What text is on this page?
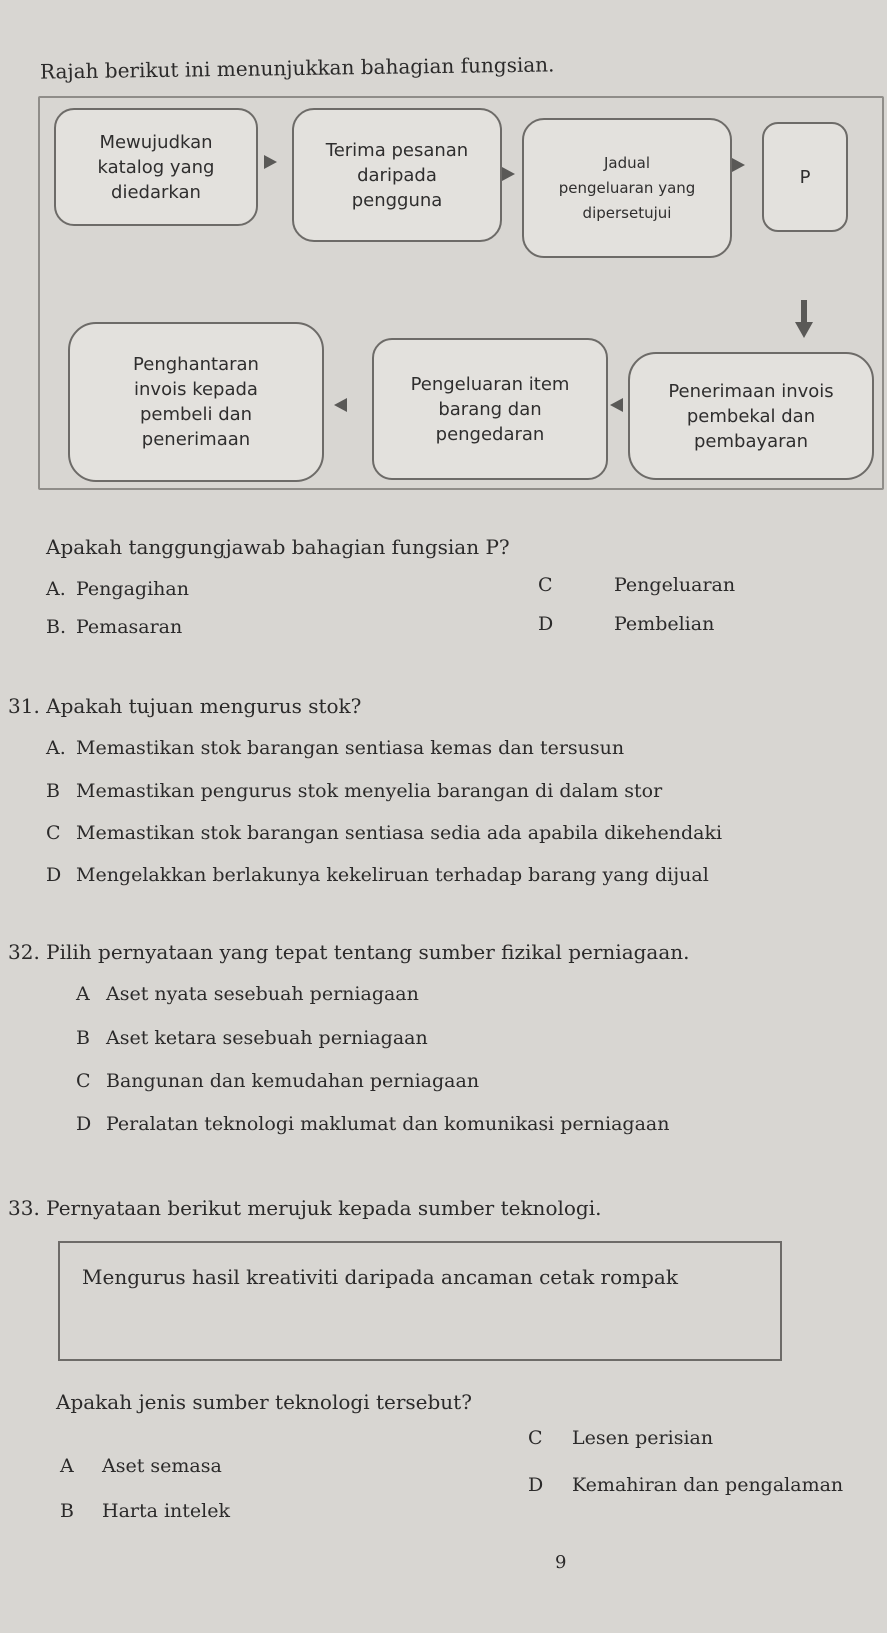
Rajah berikut ini menunjukkan bahagian fungsian.
Mewujudkan
katalog yang
diedarkan
Terima pesanan
daripada
pengguna
Jadual
pengeluaran yang
dipersetujui
P
Penerimaan invois
pembekal dan
pembayaran
Pengeluaran item
barang dan
pengedaran
Penghantaran
invois kepada
pembeli dan
penerimaan
Apakah tanggungjawab bahagian fungsian P?
A. Pengagihan
B. Pemasaran
C	Pengeluaran
D	Pembelian
31. Apakah tujuan mengurus stok?
A. Memastikan stok barangan sentiasa kemas dan tersusun
B Memastikan pengurus stok menyelia barangan di dalam stor
C Memastikan stok barangan sentiasa sedia ada apabila dikehendaki
D Mengelakkan berlakunya kekeliruan terhadap barang yang dijual
32. Pilih pernyataan yang tepat tentang sumber fizikal perniagaan.
A Aset nyata sesebuah perniagaan
B Aset ketara sesebuah perniagaan
C Bangunan dan kemudahan perniagaan
D Peralatan teknologi maklumat dan komunikasi perniagaan
33. Pernyataan berikut merujuk kepada sumber teknologi.
Mengurus hasil kreativiti daripada ancaman cetak rompak
Apakah jenis sumber teknologi tersebut?
A Aset semasa
B Harta intelek
C Lesen perisian
D Kemahiran dan pengalaman
9
